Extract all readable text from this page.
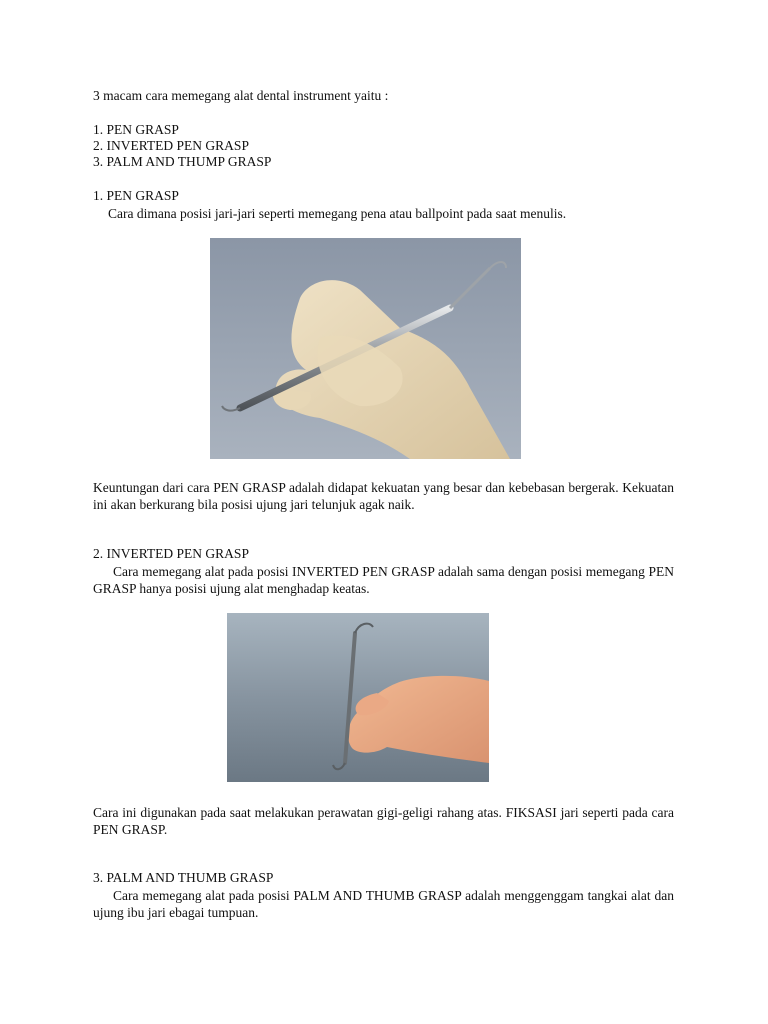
3 macam cara memegang alat dental instrument yaitu :
1. PEN GRASP
2. INVERTED PEN GRASP
3. PALM AND THUMP GRASP
1. PEN GRASP
Cara dimana posisi jari-jari seperti memegang pena atau ballpoint pada saat menulis.
Keuntungan dari cara PEN GRASP adalah didapat kekuatan yang besar dan kebebasan bergerak. Kekuatan ini akan berkurang bila posisi ujung jari telunjuk agak naik.
2. INVERTED PEN GRASP
Cara memegang alat pada posisi INVERTED PEN GRASP adalah sama dengan posisi memegang PEN GRASP hanya posisi ujung alat menghadap keatas.
Cara ini digunakan pada saat melakukan perawatan gigi-geligi rahang atas. FIKSASI jari seperti pada cara PEN GRASP.
3. PALM AND THUMB GRASP
Cara memegang alat pada posisi PALM AND THUMB GRASP adalah menggenggam tangkai alat dan ujung ibu jari ebagai tumpuan.
